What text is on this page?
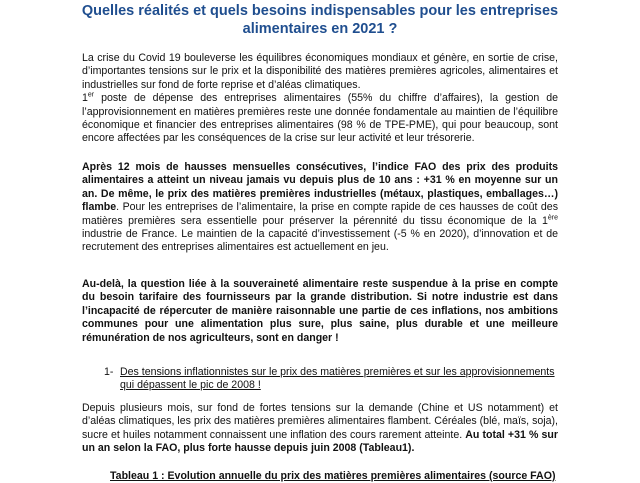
Quelles réalités et quels besoins indispensables pour les entreprises alimentaires en 2021 ?

La crise du Covid 19 bouleverse les équilibres économiques mondiaux et génère, en sortie de crise, d’importantes tensions sur le prix et la disponibilité des matières premières agricoles, alimentaires et industrielles sur fond de forte reprise et d’aléas climatiques.
1er poste de dépense des entreprises alimentaires (55% du chiffre d’affaires), la gestion de l’approvisionnement en matières premières reste une donnée fondamentale au maintien de l’équilibre économique et financier des entreprises alimentaires (98 % de TPE-PME), qui pour beaucoup, sont encore affectées par les conséquences de la crise sur leur activité et leur trésorerie.

Après 12 mois de hausses mensuelles consécutives, l’indice FAO des prix des produits alimentaires a atteint un niveau jamais vu depuis plus de 10 ans : +31 % en moyenne sur un an. De même, le prix des matières premières industrielles (métaux, plastiques, emballages…) flambe. Pour les entreprises de l’alimentaire, la prise en compte rapide de ces hausses de coût des matières premières sera essentielle pour préserver la pérennité du tissu économique de la 1ère industrie de France. Le maintien de la capacité d’investissement (-5 % en 2020), d’innovation et de recrutement des entreprises alimentaires est actuellement en jeu.

Au-delà, la question liée à la souveraineté alimentaire reste suspendue à la prise en compte du besoin tarifaire des fournisseurs par la grande distribution. Si notre industrie est dans l’incapacité de répercuter de manière raisonnable une partie de ces inflations, nos ambitions communes pour une alimentation plus sure, plus saine, plus durable et une meilleure rémunération de nos agriculteurs, sont en danger !

1- Des tensions inflationnistes sur le prix des matières premières et sur les approvisionnements qui dépassent le pic de 2008 !

Depuis plusieurs mois, sur fond de fortes tensions sur la demande (Chine et US notamment) et d’aléas climatiques, les prix des matières premières alimentaires flambent. Céréales (blé, maïs, soja), sucre et huiles notamment connaissent une inflation des cours rarement atteinte. Au total +31 % sur un an selon la FAO, plus forte hausse depuis juin 2008 (Tableau1).

Tableau 1 : Evolution annuelle du prix des matières premières alimentaires (source FAO)
